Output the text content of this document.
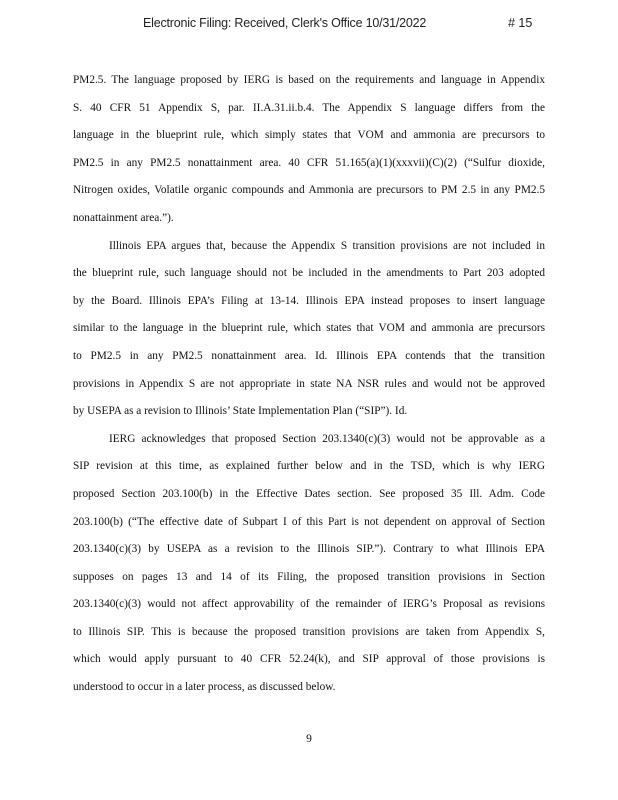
Electronic Filing: Received, Clerk's Office 10/31/2022	# 15
PM2.5. The language proposed by IERG is based on the requirements and language in Appendix
S. 40 CFR 51 Appendix S, par. II.A.31.ii.b.4. The Appendix S language differs from the
language in the blueprint rule, which simply states that VOM and ammonia are precursors to
PM2.5 in any PM2.5 nonattainment area. 40 CFR 51.165(a)(1)(xxxvii)(C)(2) (“Sulfur dioxide,
Nitrogen oxides, Volatile organic compounds and Ammonia are precursors to PM 2.5 in any PM2.5
nonattainment area.”).
Illinois EPA argues that, because the Appendix S transition provisions are not included in
the blueprint rule, such language should not be included in the amendments to Part 203 adopted
by the Board. Illinois EPA’s Filing at 13-14. Illinois EPA instead proposes to insert language
similar to the language in the blueprint rule, which states that VOM and ammonia are precursors
to PM2.5 in any PM2.5 nonattainment area. Id. Illinois EPA contends that the transition
provisions in Appendix S are not appropriate in state NA NSR rules and would not be approved
by USEPA as a revision to Illinois’ State Implementation Plan (“SIP”). Id.
IERG acknowledges that proposed Section 203.1340(c)(3) would not be approvable as a
SIP revision at this time, as explained further below and in the TSD, which is why IERG
proposed Section 203.100(b) in the Effective Dates section. See proposed 35 Ill. Adm. Code
203.100(b) (“The effective date of Subpart I of this Part is not dependent on approval of Section
203.1340(c)(3) by USEPA as a revision to the Illinois SIP.”). Contrary to what Illinois EPA
supposes on pages 13 and 14 of its Filing, the proposed transition provisions in Section
203.1340(c)(3) would not affect approvability of the remainder of IERG’s Proposal as revisions
to Illinois SIP. This is because the proposed transition provisions are taken from Appendix S,
which would apply pursuant to 40 CFR 52.24(k), and SIP approval of those provisions is
understood to occur in a later process, as discussed below.
9
